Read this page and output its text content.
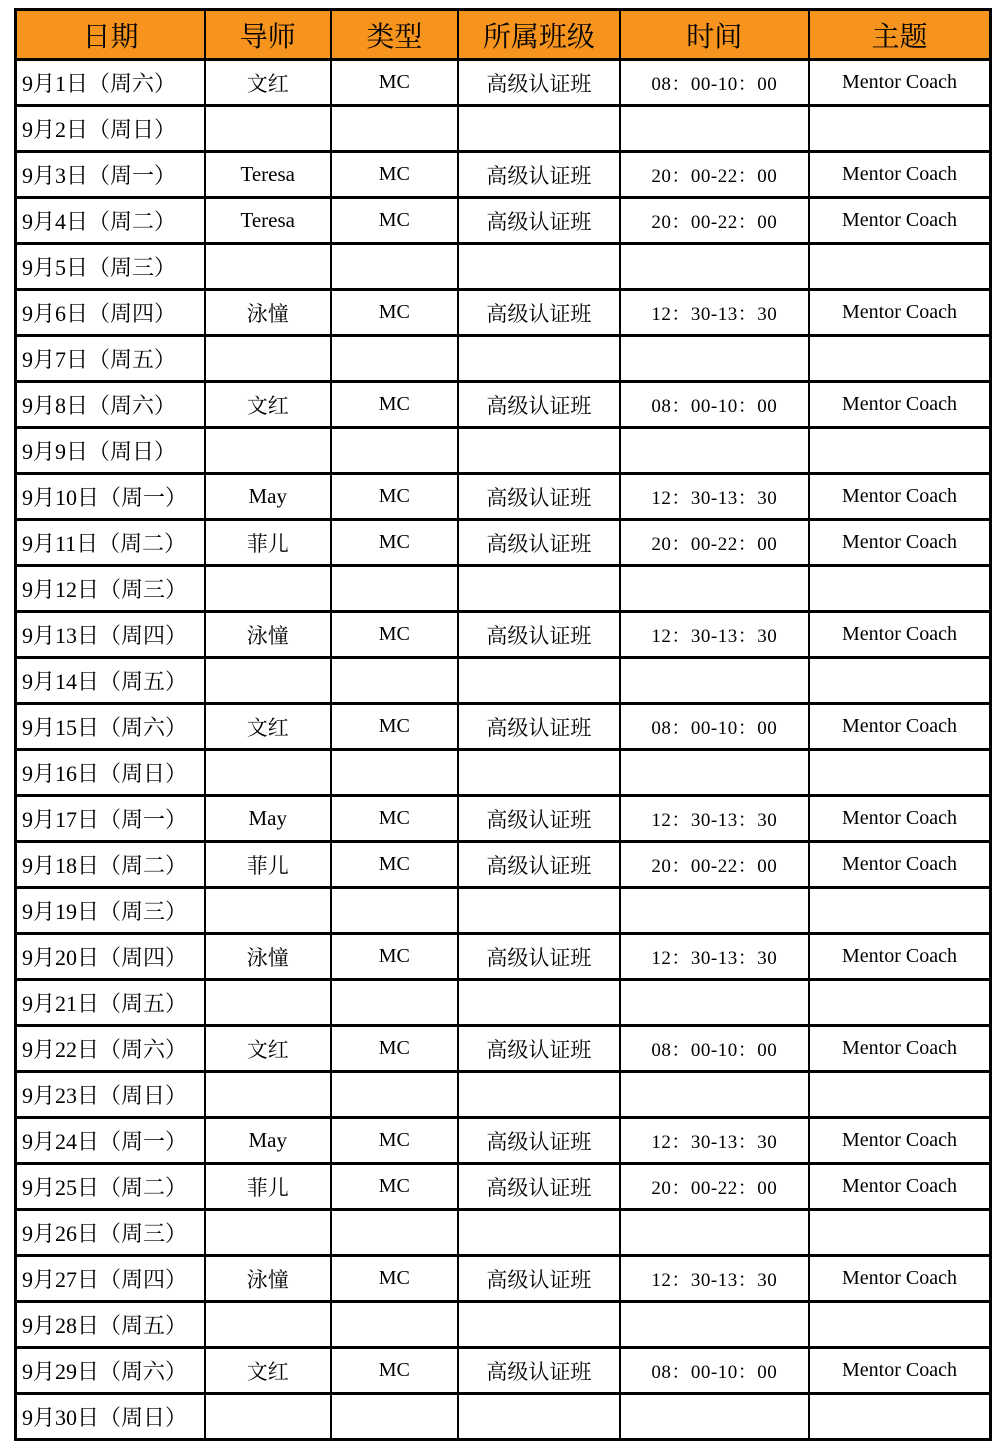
日期	导师	类型	所属班级	时间	主题
9月1日（周六）	文红	MC	高级认证班	08：00-10：00	Mentor Coach
9月2日（周日）					
9月3日（周一）	Teresa	MC	高级认证班	20：00-22：00	Mentor Coach
9月4日（周二）	Teresa	MC	高级认证班	20：00-22：00	Mentor Coach
9月5日（周三）					
9月6日（周四）	泳憧	MC	高级认证班	12：30-13：30	Mentor Coach
9月7日（周五）					
9月8日（周六）	文红	MC	高级认证班	08：00-10：00	Mentor Coach
9月9日（周日）					
9月10日（周一）	May	MC	高级认证班	12：30-13：30	Mentor Coach
9月11日（周二）	菲儿	MC	高级认证班	20：00-22：00	Mentor Coach
9月12日（周三）					
9月13日（周四）	泳憧	MC	高级认证班	12：30-13：30	Mentor Coach
9月14日（周五）					
9月15日（周六）	文红	MC	高级认证班	08：00-10：00	Mentor Coach
9月16日（周日）					
9月17日（周一）	May	MC	高级认证班	12：30-13：30	Mentor Coach
9月18日（周二）	菲儿	MC	高级认证班	20：00-22：00	Mentor Coach
9月19日（周三）					
9月20日（周四）	泳憧	MC	高级认证班	12：30-13：30	Mentor Coach
9月21日（周五）					
9月22日（周六）	文红	MC	高级认证班	08：00-10：00	Mentor Coach
9月23日（周日）					
9月24日（周一）	May	MC	高级认证班	12：30-13：30	Mentor Coach
9月25日（周二）	菲儿	MC	高级认证班	20：00-22：00	Mentor Coach
9月26日（周三）					
9月27日（周四）	泳憧	MC	高级认证班	12：30-13：30	Mentor Coach
9月28日（周五）					
9月29日（周六）	文红	MC	高级认证班	08：00-10：00	Mentor Coach
9月30日（周日）					
